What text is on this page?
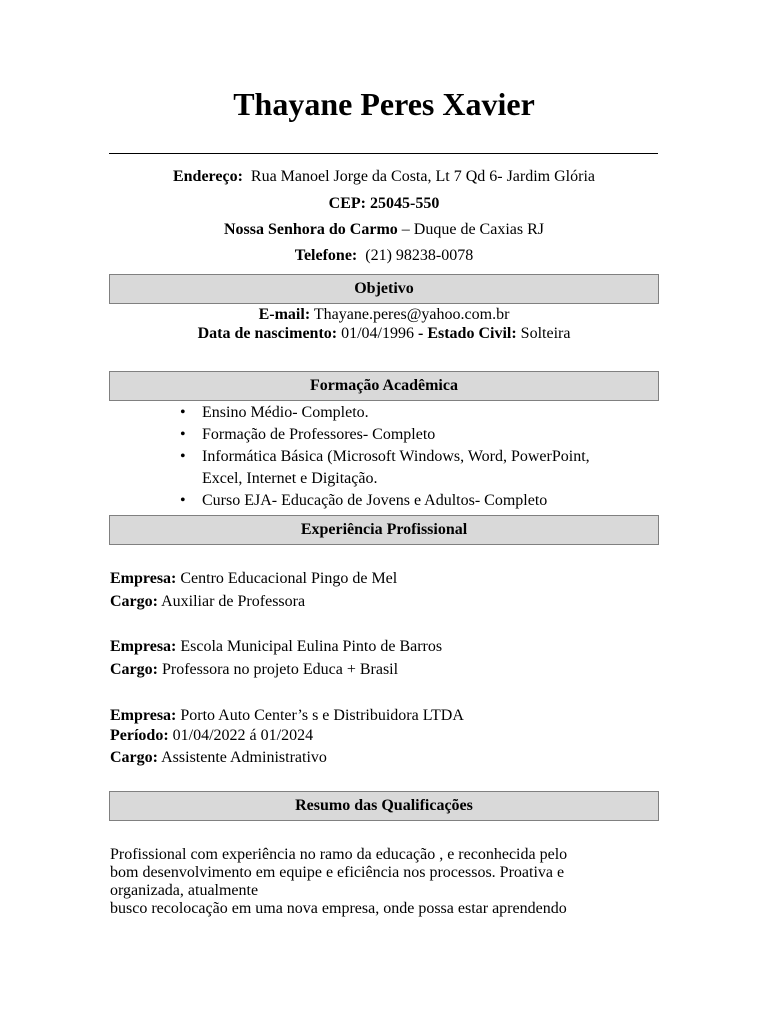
Thayane Peres Xavier
Endereço: Rua Manoel Jorge da Costa, Lt 7 Qd 6- Jardim Glória
CEP: 25045-550
Nossa Senhora do Carmo – Duque de Caxias RJ
Telefone: (21) 98238-0078
Objetivo
E-mail: Thayane.peres@yahoo.com.br
Data de nascimento: 01/04/1996 - Estado Civil: Solteira
Formação Acadêmica
• Ensino Médio- Completo.
• Formação de Professores- Completo
• Informática Básica (Microsoft Windows, Word, PowerPoint,
Excel, Internet e Digitação.
• Curso EJA- Educação de Jovens e Adultos- Completo
Experiência Profissional
Empresa: Centro Educacional Pingo de Mel
Cargo: Auxiliar de Professora
Empresa: Escola Municipal Eulina Pinto de Barros
Cargo: Professora no projeto Educa + Brasil
Empresa: Porto Auto Center’s s e Distribuidora LTDA
Período: 01/04/2022 á 01/2024
Cargo: Assistente Administrativo
Resumo das Qualificações
Profissional com experiência no ramo da educação , e reconhecida pelo
bom desenvolvimento em equipe e eficiência nos processos. Proativa e
organizada, atualmente
busco recolocação em uma nova empresa, onde possa estar aprendendo
